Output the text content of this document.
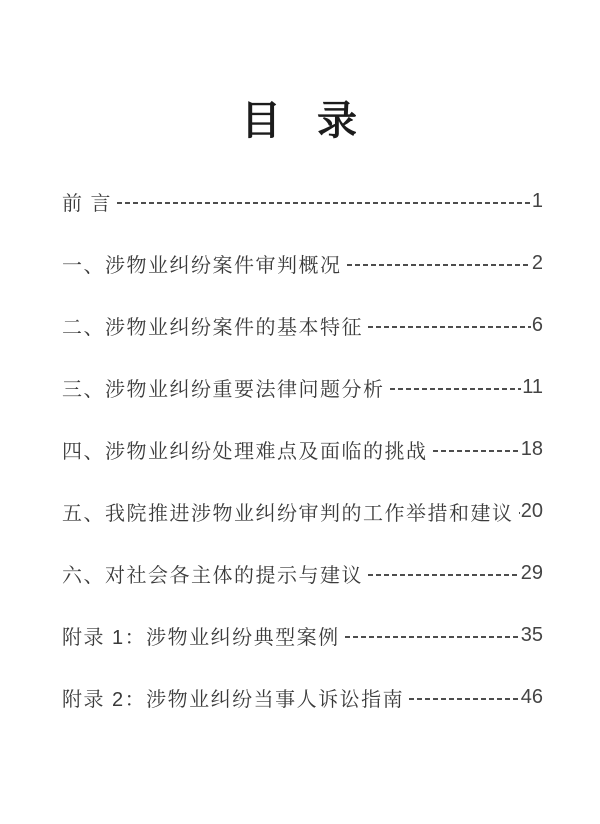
目 录
前 言	1
一、涉物业纠纷案件审判概况	2
二、涉物业纠纷案件的基本特征	6
三、涉物业纠纷重要法律问题分析	11
四、涉物业纠纷处理难点及面临的挑战	18
五、我院推进涉物业纠纷审判的工作举措和建议 20
六、对社会各主体的提示与建议	29
附录 1：涉物业纠纷典型案例	35
附录 2：涉物业纠纷当事人诉讼指南	46
